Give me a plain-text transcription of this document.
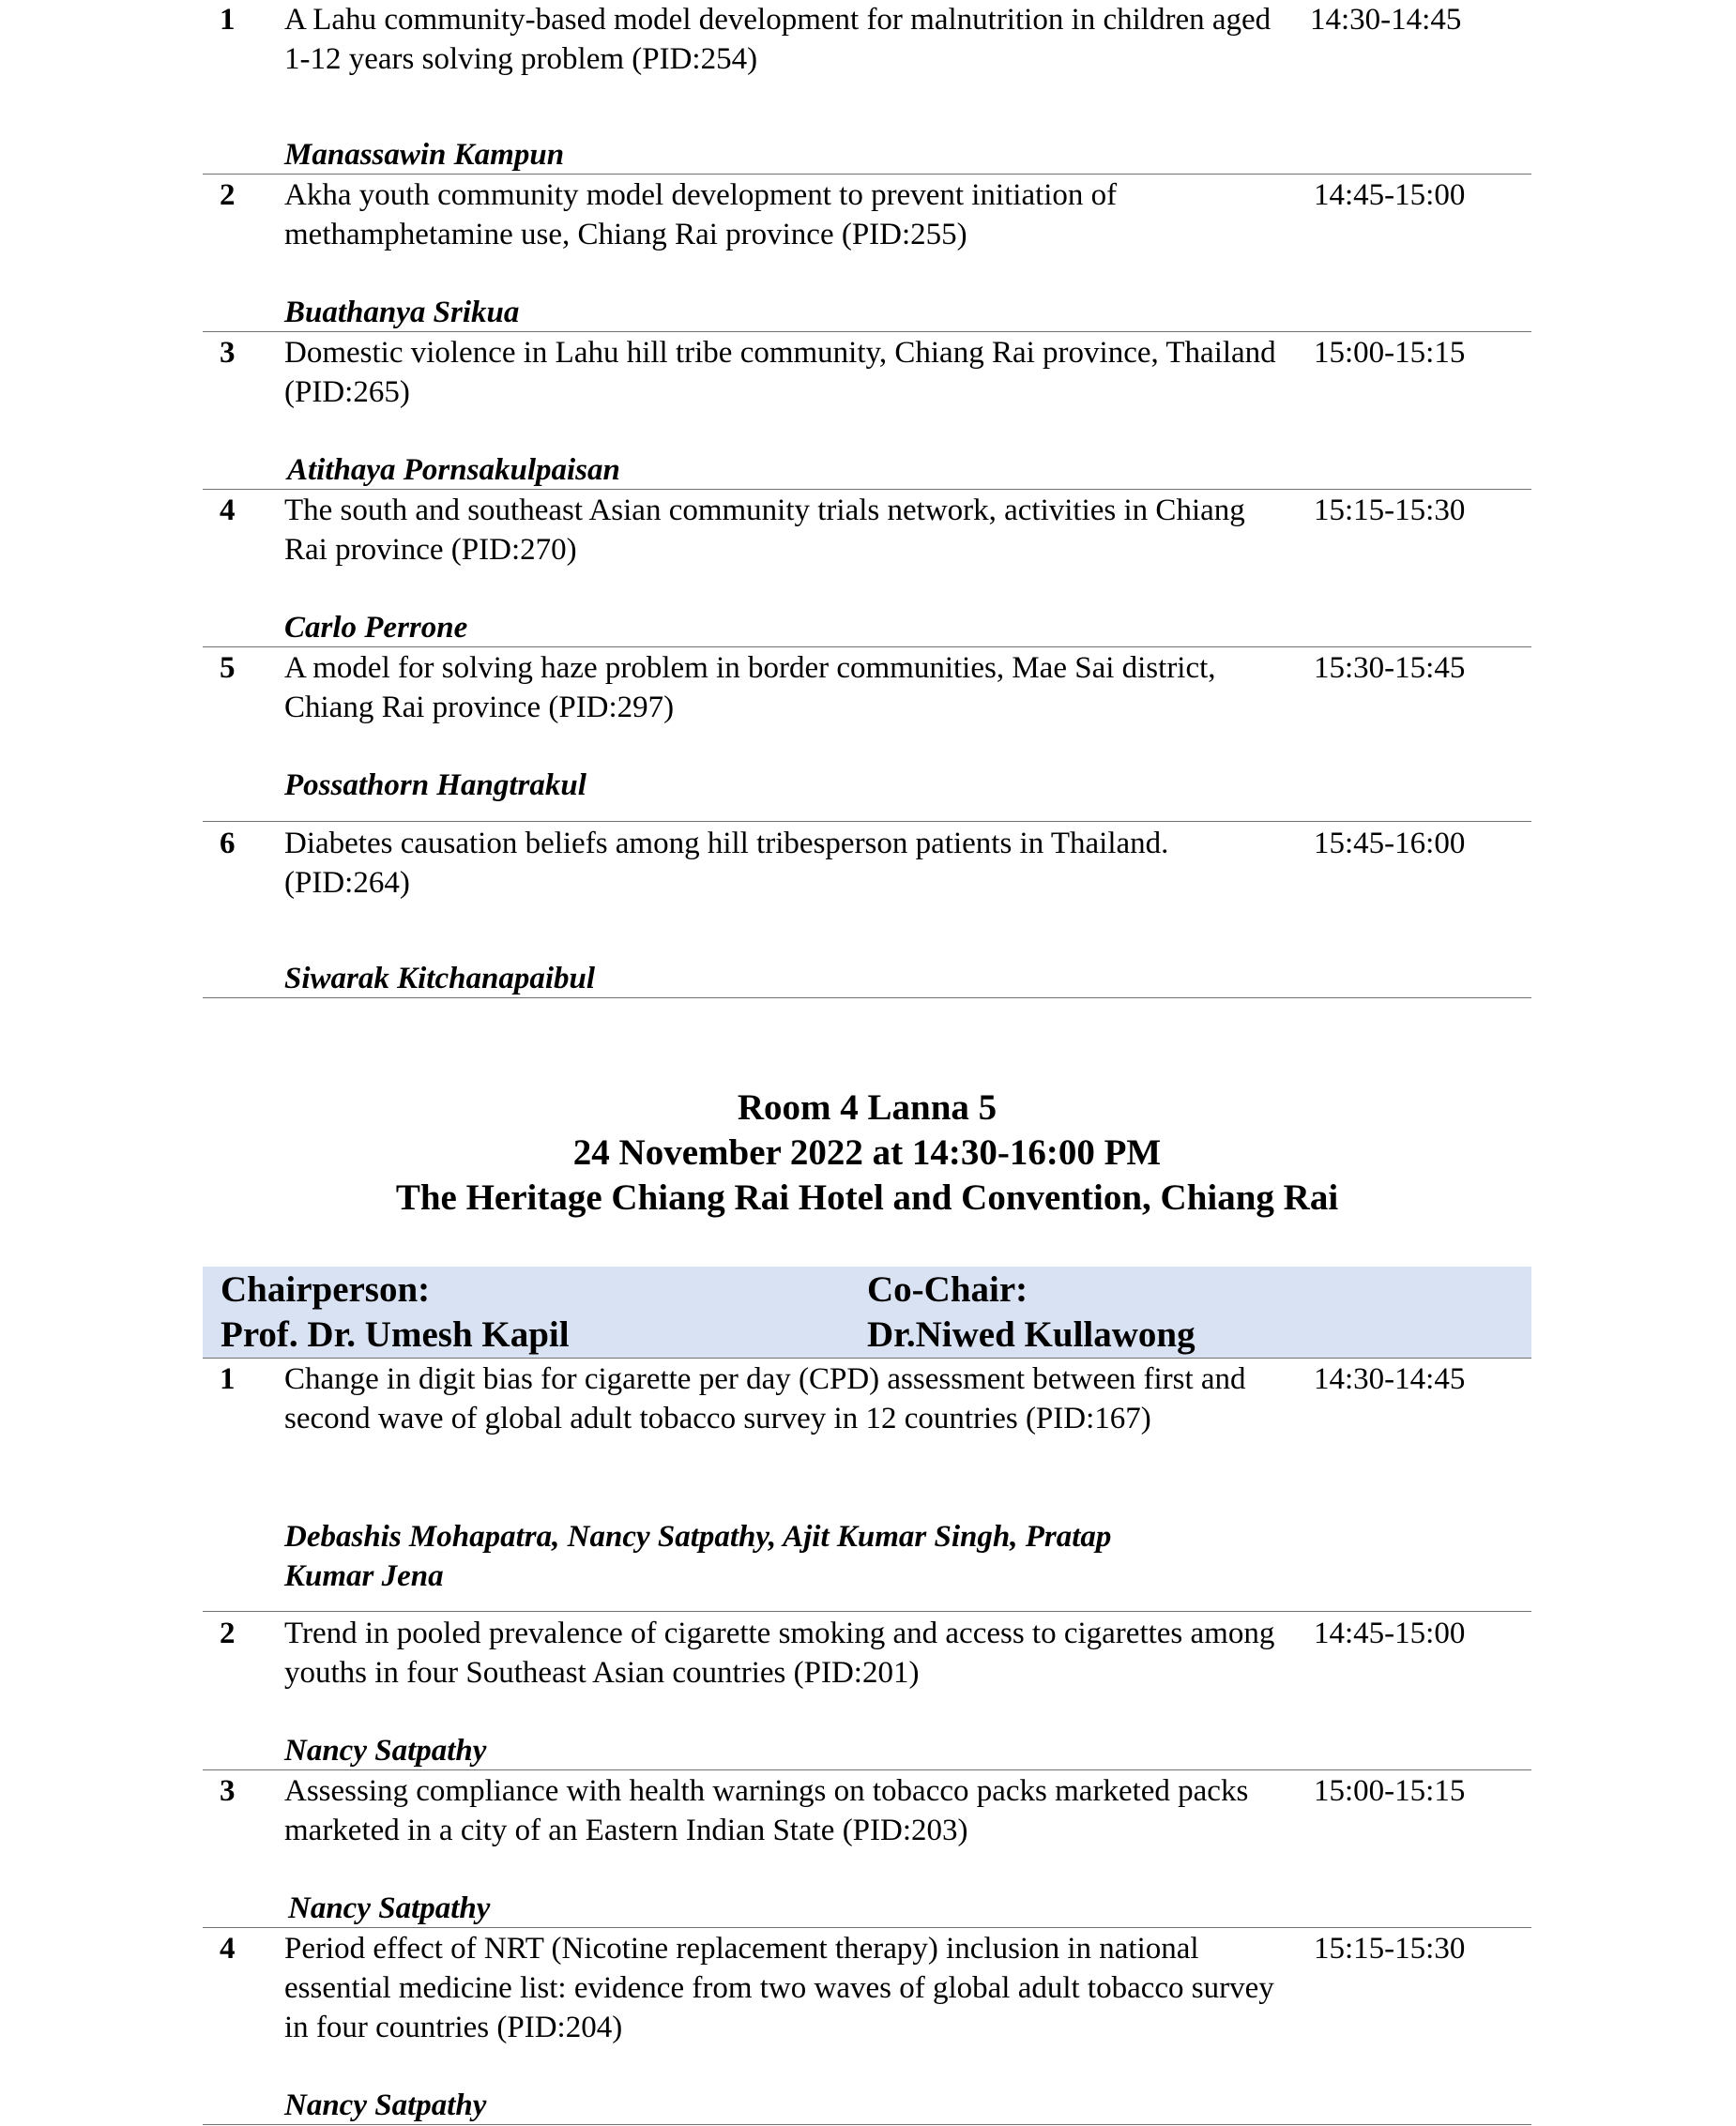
1 A Lahu community-based model development for malnutrition in children aged 1-12 years solving problem (PID:254)
14:30-14:45
Manassawin Kampun
2 Akha youth community model development to prevent initiation of methamphetamine use, Chiang Rai province (PID:255)
14:45-15:00
Buathanya Srikua
3 Domestic violence in Lahu hill tribe community, Chiang Rai province, Thailand (PID:265)
15:00-15:15
Atithaya Pornsakulpaisan
4 The south and southeast Asian community trials network, activities in Chiang Rai province (PID:270)
15:15-15:30
Carlo Perrone
5 A model for solving haze problem in border communities, Mae Sai district, Chiang Rai province (PID:297)
15:30-15:45
Possathorn Hangtrakul
6 Diabetes causation beliefs among hill tribesperson patients in Thailand. (PID:264)
15:45-16:00
Siwarak Kitchanapaibul
Room 4 Lanna 5
24 November 2022 at 14:30-16:00 PM
The Heritage Chiang Rai Hotel and Convention, Chiang Rai
Chairperson:
Prof. Dr. Umesh Kapil
Co-Chair:
Dr.Niwed Kullawong
1 Change in digit bias for cigarette per day (CPD) assessment between first and second wave of global adult tobacco survey in 12 countries (PID:167)
14:30-14:45
Debashis Mohapatra, Nancy Satpathy, Ajit Kumar Singh, Pratap Kumar Jena
2 Trend in pooled prevalence of cigarette smoking and access to cigarettes among youths in four Southeast Asian countries (PID:201)
14:45-15:00
Nancy Satpathy
3 Assessing compliance with health warnings on tobacco packs marketed packs marketed in a city of an Eastern Indian State (PID:203)
15:00-15:15
Nancy Satpathy
4 Period effect of NRT (Nicotine replacement therapy) inclusion in national essential medicine list: evidence from two waves of global adult tobacco survey in four countries (PID:204)
15:15-15:30
Nancy Satpathy
